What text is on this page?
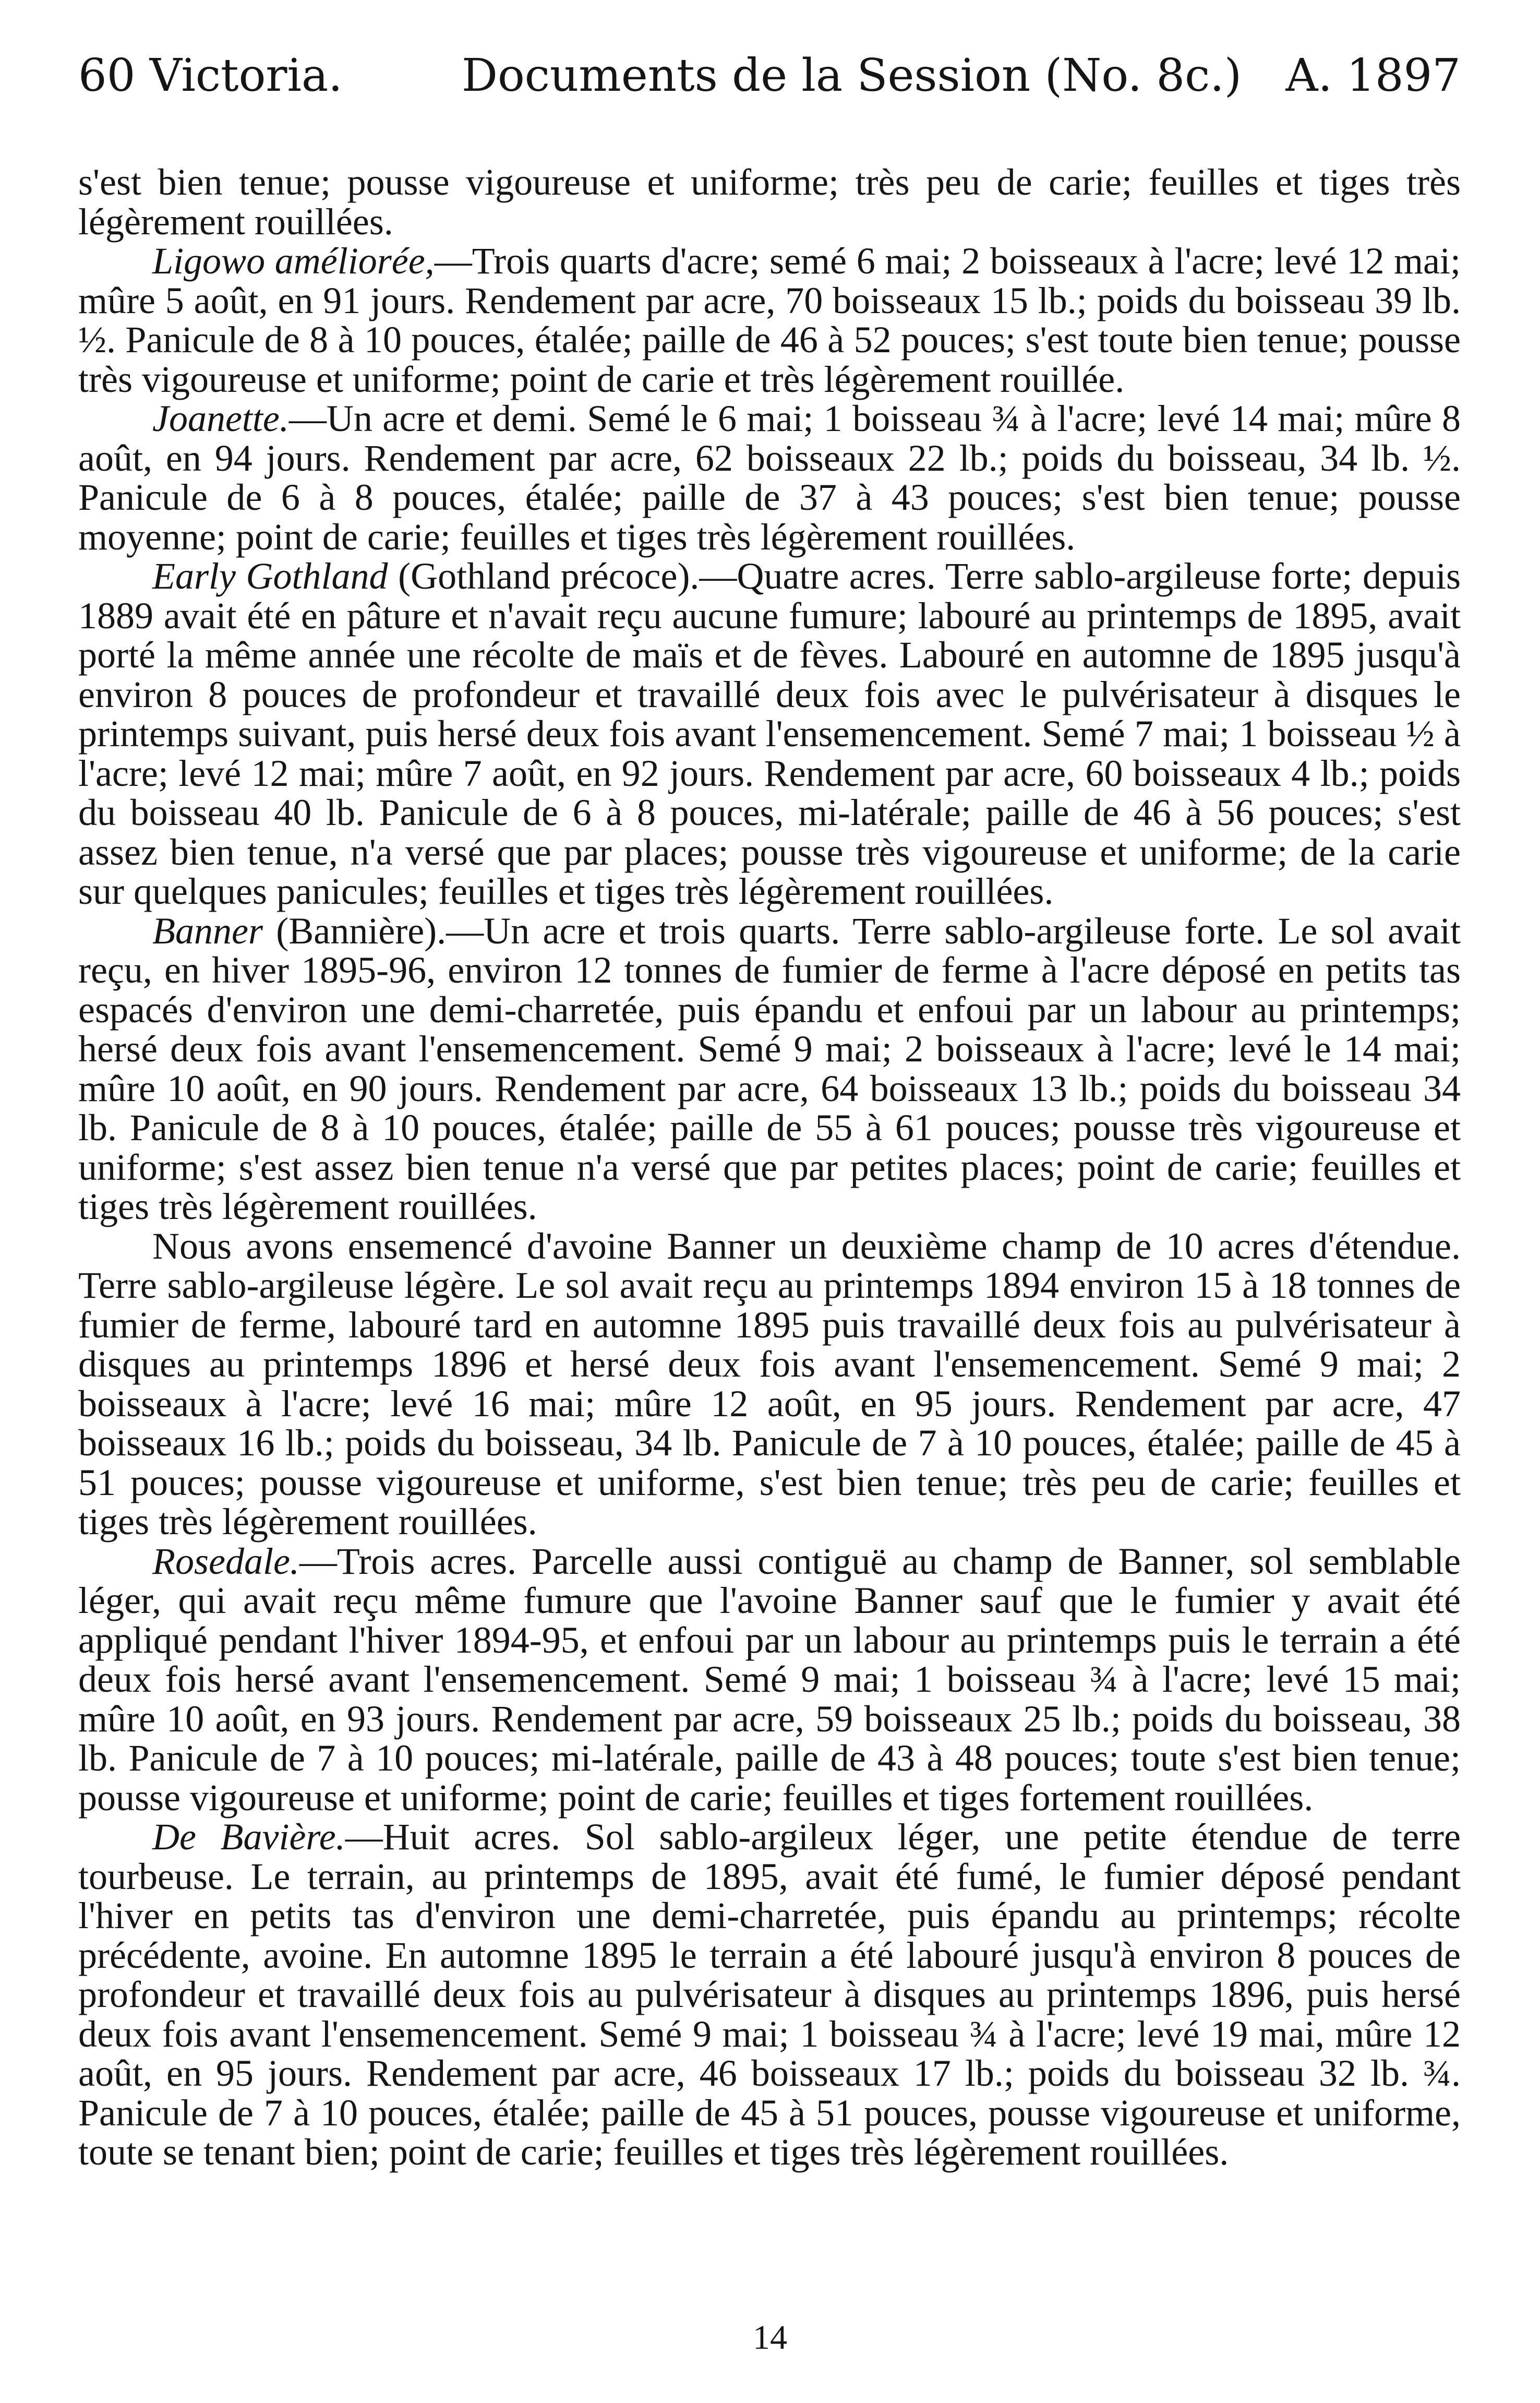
60 Victoria.	Documents de la Session (No. 8c.) A. 1897

s'est bien tenue; pousse vigoureuse et uniforme; très peu de carie; feuilles et tiges très légèrement rouillées.

Ligowo améliorée,—Trois quarts d'acre; semé 6 mai; 2 boisseaux à l'acre; levé 12 mai; mûre 5 août, en 91 jours. Rendement par acre, 70 boisseaux 15 lb.; poids du boisseau 39 lb. ½. Panicule de 8 à 10 pouces, étalée; paille de 46 à 52 pouces; s'est toute bien tenue; pousse très vigoureuse et uniforme; point de carie et très légèrement rouillée.

Joanette.—Un acre et demi. Semé le 6 mai; 1 boisseau ¾ à l'acre; levé 14 mai; mûre 8 août, en 94 jours. Rendement par acre, 62 boisseaux 22 lb.; poids du boisseau, 34 lb. ½. Panicule de 6 à 8 pouces, étalée; paille de 37 à 43 pouces; s'est bien tenue; pousse moyenne; point de carie; feuilles et tiges très légèrement rouillées.

Early Gothland (Gothland précoce).—Quatre acres. Terre sablo-argileuse forte; depuis 1889 avait été en pâture et n'avait reçu aucune fumure; labouré au printemps de 1895, avait porté la même année une récolte de maïs et de fèves. Labouré en automne de 1895 jusqu'à environ 8 pouces de profondeur et travaillé deux fois avec le pulvérisateur à disques le printemps suivant, puis hersé deux fois avant l'ensemencement. Semé 7 mai; 1 boisseau ½ à l'acre; levé 12 mai; mûre 7 août, en 92 jours. Rendement par acre, 60 boisseaux 4 lb.; poids du boisseau 40 lb. Panicule de 6 à 8 pouces, mi-latérale; paille de 46 à 56 pouces; s'est assez bien tenue, n'a versé que par places; pousse très vigoureuse et uniforme; de la carie sur quelques panicules; feuilles et tiges très légèrement rouillées.

Banner (Bannière).—Un acre et trois quarts. Terre sablo-argileuse forte. Le sol avait reçu, en hiver 1895-96, environ 12 tonnes de fumier de ferme à l'acre déposé en petits tas espacés d'environ une demi-charretée, puis épandu et enfoui par un labour au printemps; hersé deux fois avant l'ensemencement. Semé 9 mai; 2 boisseaux à l'acre; levé le 14 mai; mûre 10 août, en 90 jours. Rendement par acre, 64 boisseaux 13 lb.; poids du boisseau 34 lb. Panicule de 8 à 10 pouces, étalée; paille de 55 à 61 pouces; pousse très vigoureuse et uniforme; s'est assez bien tenue n'a versé que par petites places; point de carie; feuilles et tiges très légèrement rouillées.

Nous avons ensemencé d'avoine Banner un deuxième champ de 10 acres d'étendue. Terre sablo-argileuse légère. Le sol avait reçu au printemps 1894 environ 15 à 18 tonnes de fumier de ferme, labouré tard en automne 1895 puis travaillé deux fois au pulvérisateur à disques au printemps 1896 et hersé deux fois avant l'ensemencement. Semé 9 mai; 2 boisseaux à l'acre; levé 16 mai; mûre 12 août, en 95 jours. Rendement par acre, 47 boisseaux 16 lb.; poids du boisseau, 34 lb. Panicule de 7 à 10 pouces, étalée; paille de 45 à 51 pouces; pousse vigoureuse et uniforme, s'est bien tenue; très peu de carie; feuilles et tiges très légèrement rouillées.

Rosedale.—Trois acres. Parcelle aussi contiguë au champ de Banner, sol semblable léger, qui avait reçu même fumure que l'avoine Banner sauf que le fumier y avait été appliqué pendant l'hiver 1894-95, et enfoui par un labour au printemps puis le terrain a été deux fois hersé avant l'ensemencement. Semé 9 mai; 1 boisseau ¾ à l'acre; levé 15 mai; mûre 10 août, en 93 jours. Rendement par acre, 59 boisseaux 25 lb.; poids du boisseau, 38 lb. Panicule de 7 à 10 pouces; mi-latérale, paille de 43 à 48 pouces; toute s'est bien tenue; pousse vigoureuse et uniforme; point de carie; feuilles et tiges fortement rouillées.

De Bavière.—Huit acres. Sol sablo-argileux léger, une petite étendue de terre tourbeuse. Le terrain, au printemps de 1895, avait été fumé, le fumier déposé pendant l'hiver en petits tas d'environ une demi-charretée, puis épandu au printemps; récolte précédente, avoine. En automne 1895 le terrain a été labouré jusqu'à environ 8 pouces de profondeur et travaillé deux fois au pulvérisateur à disques au printemps 1896, puis hersé deux fois avant l'ensemencement. Semé 9 mai; 1 boisseau ¾ à l'acre; levé 19 mai, mûre 12 août, en 95 jours. Rendement par acre, 46 boisseaux 17 lb.; poids du boisseau 32 lb. ¾. Panicule de 7 à 10 pouces, étalée; paille de 45 à 51 pouces, pousse vigoureuse et uniforme, toute se tenant bien; point de carie; feuilles et tiges très légèrement rouillées.

14
